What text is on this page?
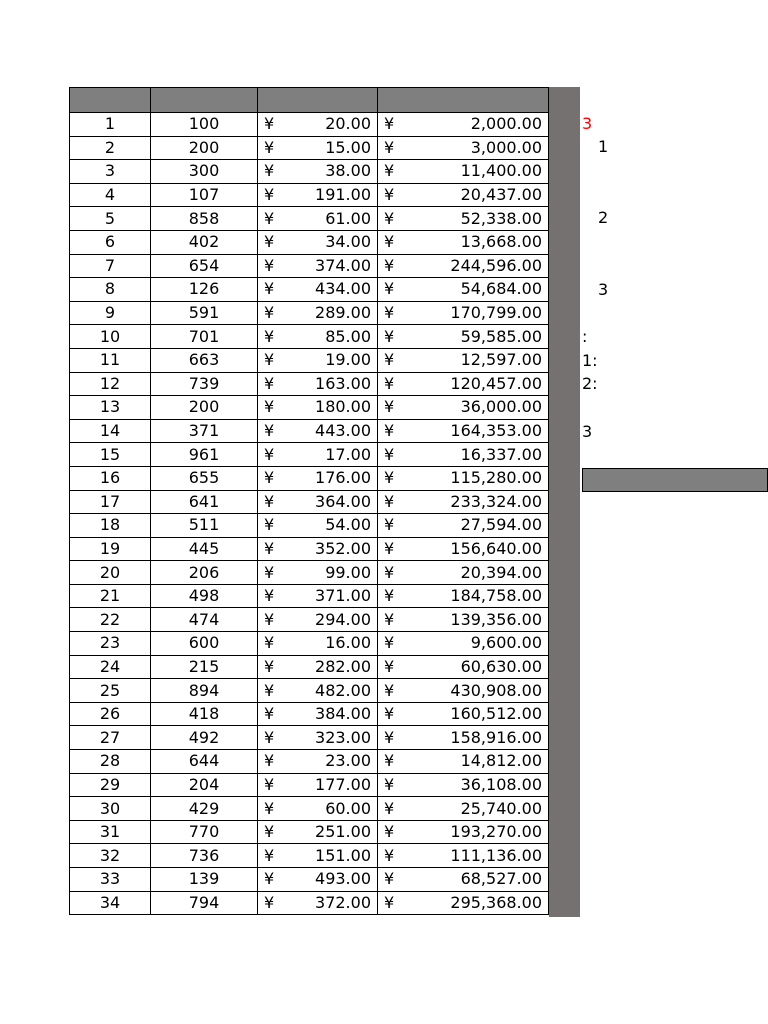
1	100	¥ 20.00	¥ 2,000.00

2	200	¥ 15.00	¥ 3,000.00

3	300	¥ 38.00	¥ 11,400.00

4	107	¥ 191.00	¥ 20,437.00

5	858	¥ 61.00	¥ 52,338.00

6	402	¥ 34.00	¥ 13,668.00

7	654	¥ 374.00	¥ 244,596.00

8	126	¥ 434.00	¥ 54,684.00

9	591	¥ 289.00	¥ 170,799.00

10	701	¥ 85.00	¥ 59,585.00

11	663	¥ 19.00	¥ 12,597.00

12	739	¥ 163.00	¥ 120,457.00

13	200	¥ 180.00	¥ 36,000.00

14	371	¥ 443.00	¥ 164,353.00

15	961	¥ 17.00	¥ 16,337.00

16	655	¥ 176.00	¥ 115,280.00

17	641	¥ 364.00	¥ 233,324.00

18	511	¥ 54.00	¥ 27,594.00

19	445	¥ 352.00	¥ 156,640.00

20	206	¥ 99.00	¥ 20,394.00

21	498	¥ 371.00	¥ 184,758.00

22	474	¥ 294.00	¥ 139,356.00

23	600	¥ 16.00	¥ 9,600.00

24	215	¥ 282.00	¥ 60,630.00

25	894	¥ 482.00	¥ 430,908.00

26	418	¥ 384.00	¥ 160,512.00

27	492	¥ 323.00	¥ 158,916.00

28	644	¥ 23.00	¥ 14,812.00

29	204	¥ 177.00	¥ 36,108.00

30	429	¥ 60.00	¥ 25,740.00

31	770	¥ 251.00	¥ 193,270.00

32	736	¥ 151.00	¥ 111,136.00

33	139	¥ 493.00	¥ 68,527.00

34	794	¥ 372.00	¥ 295,368.00
3
1
2
3
:
1:
2:
3
